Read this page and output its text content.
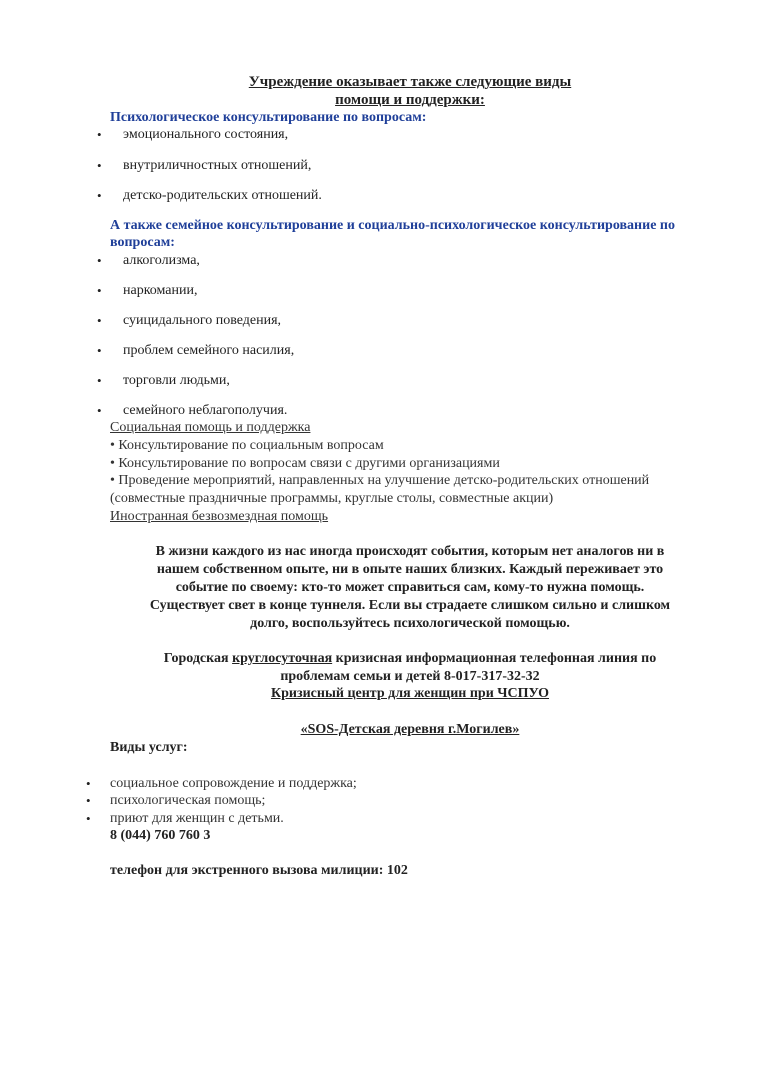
Учреждение оказывает также следующие виды
помощи и поддержки:
Психологическое консультирование по вопросам:
• эмоционального состояния,
• внутриличностных отношений,
• детско-родительских отношений.
А также семейное консультирование и социально-психологическое консультирование по
вопросам:
• алкоголизма,
• наркомании,
• суицидального поведения,
• проблем семейного насилия,
• торговли людьми,
• семейного неблагополучия.
Социальная помощь и поддержка
• Консультирование по социальным вопросам
• Консультирование по вопросам связи с другими организациями
• Проведение мероприятий, направленных на улучшение детско-родительских отношений
(совместные праздничные программы, круглые столы, совместные акции)
Иностранная безвозмездная помощь
В жизни каждого из нас иногда происходят события, которым нет аналогов ни в
нашем собственном опыте, ни в опыте наших близких. Каждый переживает это
событие по своему: кто-то может справиться сам, кому-то нужна помощь.
Существует свет в конце туннеля. Если вы страдаете слишком сильно и слишком
долго, воспользуйтесь психологической помощью.
Городская круглосуточная кризисная информационная телефонная линия по
проблемам семьи и детей 8-017-317-32-32
Кризисный центр для женщин при ЧСПУО
«SOS-Детская деревня г.Могилев»
Виды услуг:
• социальное сопровождение и поддержка;
• психологическая помощь;
• приют для женщин с детьми.
8 (044) 760 760 3
телефон для экстренного вызова милиции: 102
